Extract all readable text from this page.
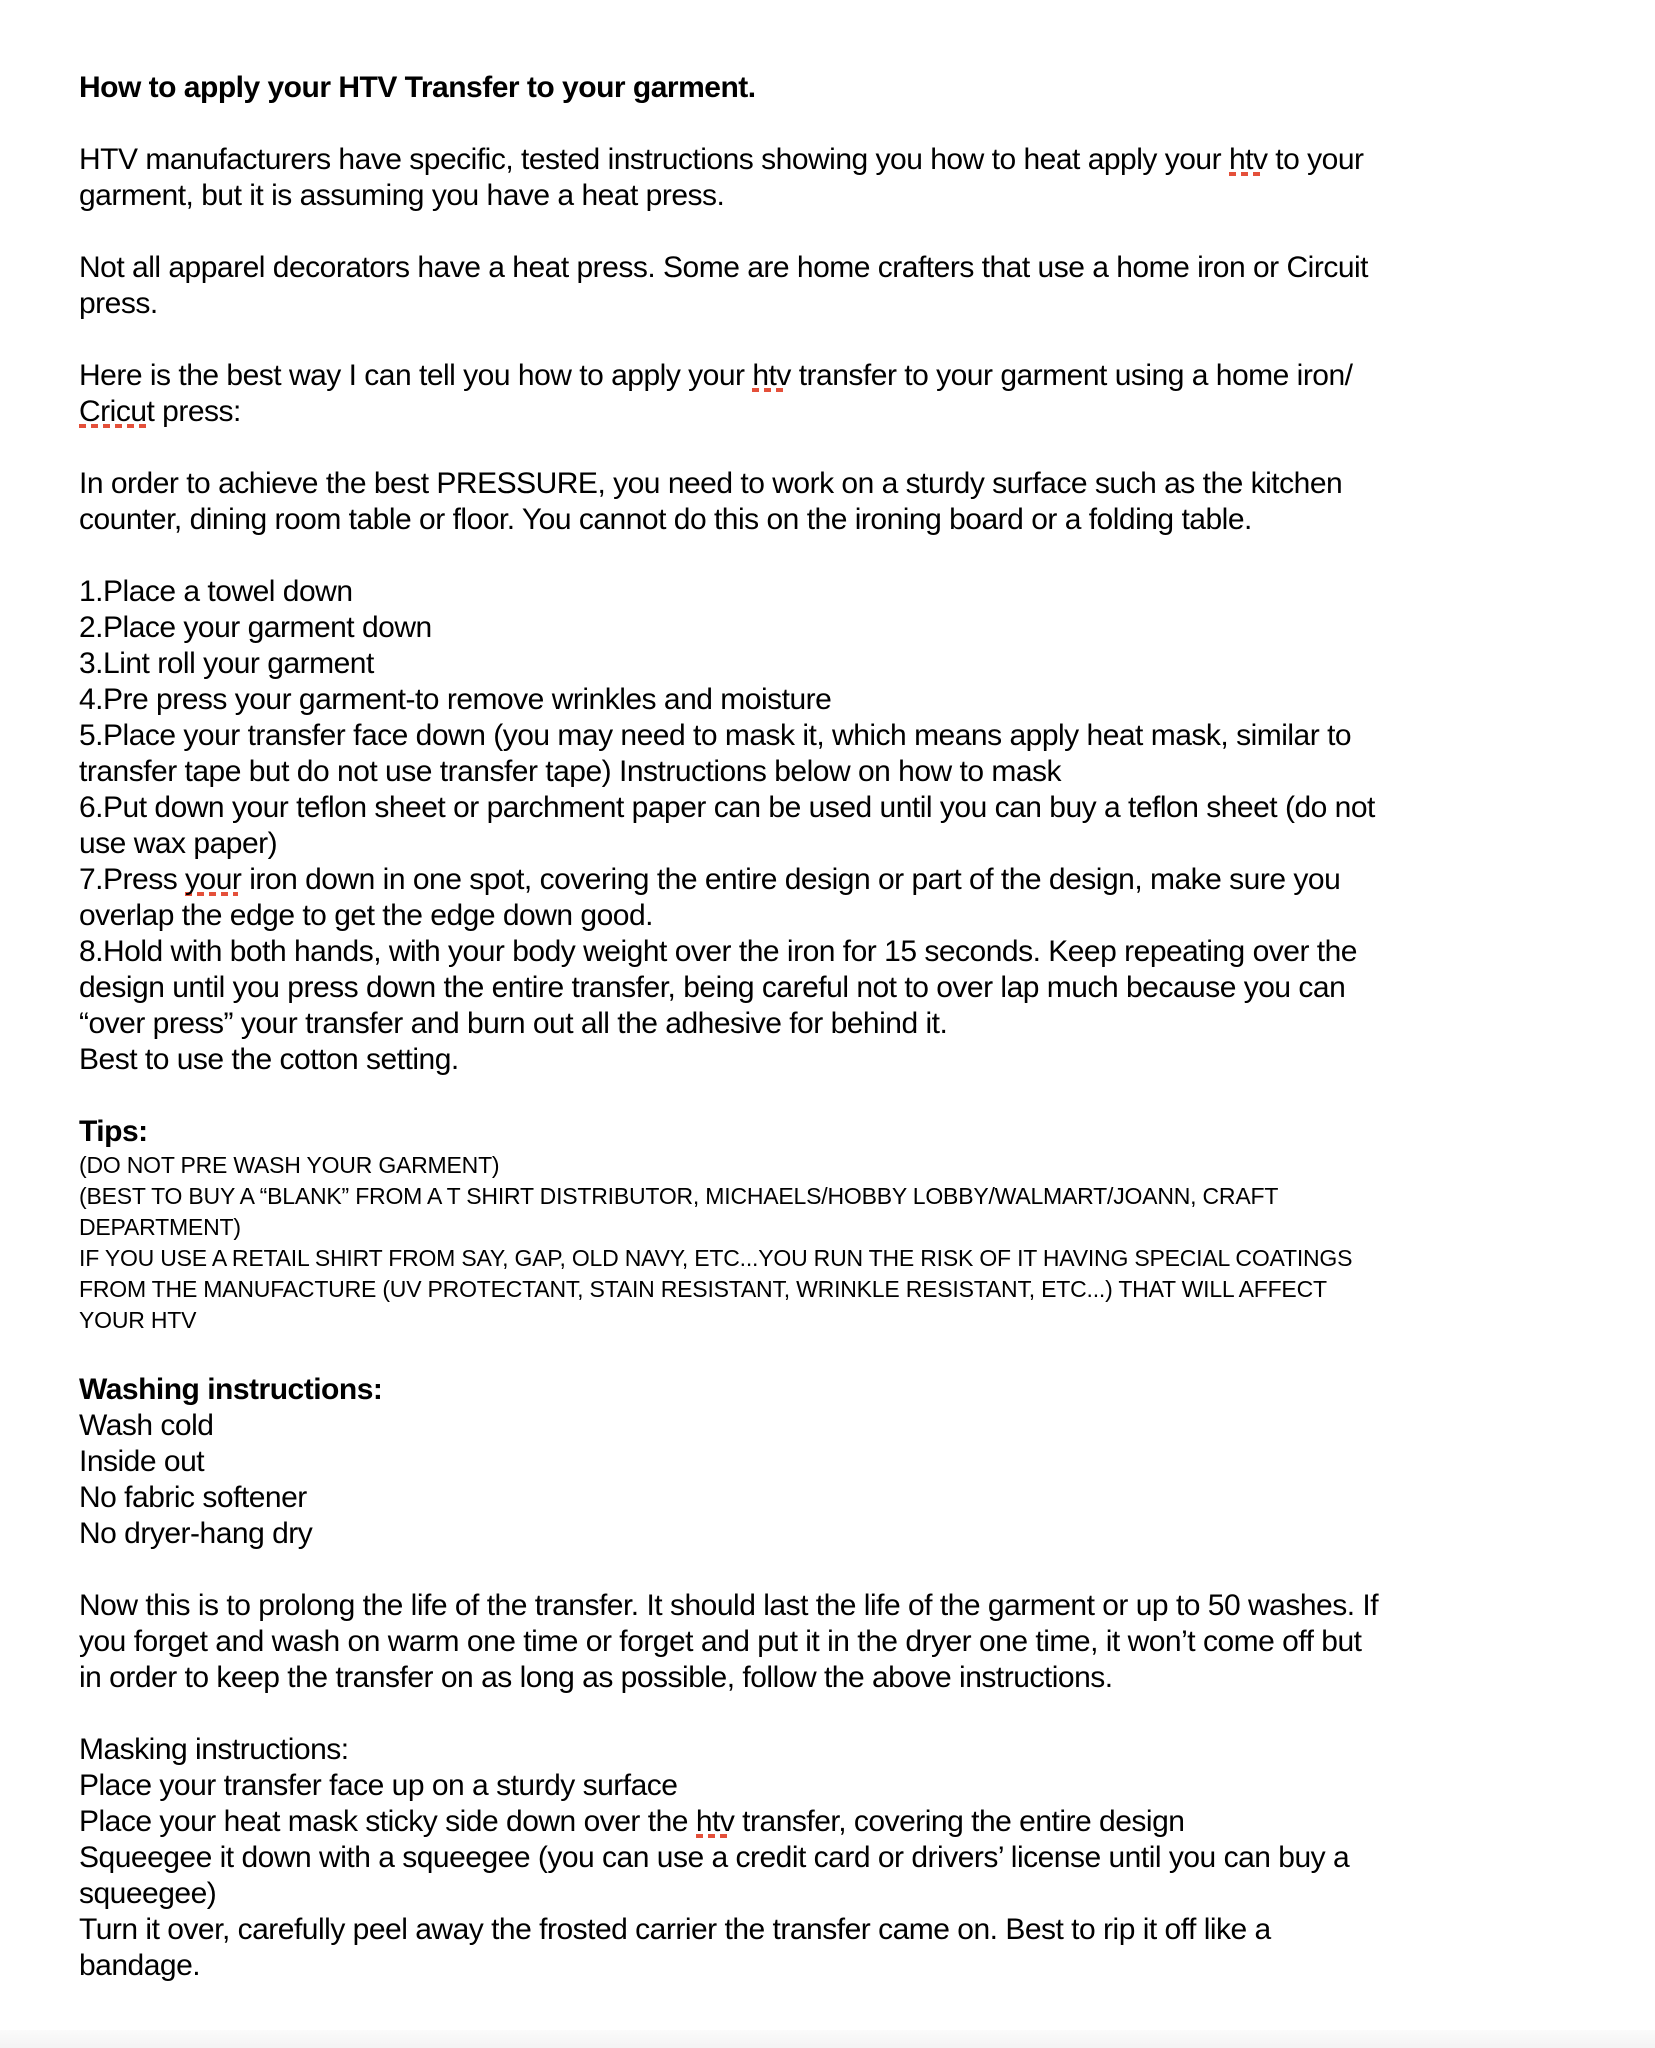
How to apply your HTV Transfer to your garment.
HTV manufacturers have specific, tested instructions showing you how to heat apply your htv to your
garment, but it is assuming you have a heat press.
Not all apparel decorators have a heat press. Some are home crafters that use a home iron or Circuit
press.
Here is the best way I can tell you how to apply your htv transfer to your garment using a home iron/
Cricut press:
In order to achieve the best PRESSURE, you need to work on a sturdy surface such as the kitchen
counter, dining room table or floor. You cannot do this on the ironing board or a folding table.
1.Place a towel down
2.Place your garment down
3.Lint roll your garment
4.Pre press your garment-to remove wrinkles and moisture
5.Place your transfer face down (you may need to mask it, which means apply heat mask, similar to
transfer tape but do not use transfer tape) Instructions below on how to mask
6.Put down your teflon sheet or parchment paper can be used until you can buy a teflon sheet (do not
use wax paper)
7.Press your iron down in one spot, covering the entire design or part of the design, make sure you
overlap the edge to get the edge down good.
8.Hold with both hands, with your body weight over the iron for 15 seconds. Keep repeating over the
design until you press down the entire transfer, being careful not to over lap much because you can
“over press” your transfer and burn out all the adhesive for behind it.
Best to use the cotton setting.
Tips:
(DO NOT PRE WASH YOUR GARMENT)
(BEST TO BUY A “BLANK” FROM A T SHIRT DISTRIBUTOR, MICHAELS/HOBBY LOBBY/WALMART/JOANN, CRAFT
DEPARTMENT)
IF YOU USE A RETAIL SHIRT FROM SAY, GAP, OLD NAVY, ETC...YOU RUN THE RISK OF IT HAVING SPECIAL COATINGS
FROM THE MANUFACTURE (UV PROTECTANT, STAIN RESISTANT, WRINKLE RESISTANT, ETC...) THAT WILL AFFECT
YOUR HTV
Washing instructions:
Wash cold
Inside out
No fabric softener
No dryer-hang dry
Now this is to prolong the life of the transfer. It should last the life of the garment or up to 50 washes. If
you forget and wash on warm one time or forget and put it in the dryer one time, it won’t come off but
in order to keep the transfer on as long as possible, follow the above instructions.
Masking instructions:
Place your transfer face up on a sturdy surface
Place your heat mask sticky side down over the htv transfer, covering the entire design
Squeegee it down with a squeegee (you can use a credit card or drivers’ license until you can buy a
squeegee)
Turn it over, carefully peel away the frosted carrier the transfer came on. Best to rip it off like a
bandage.
